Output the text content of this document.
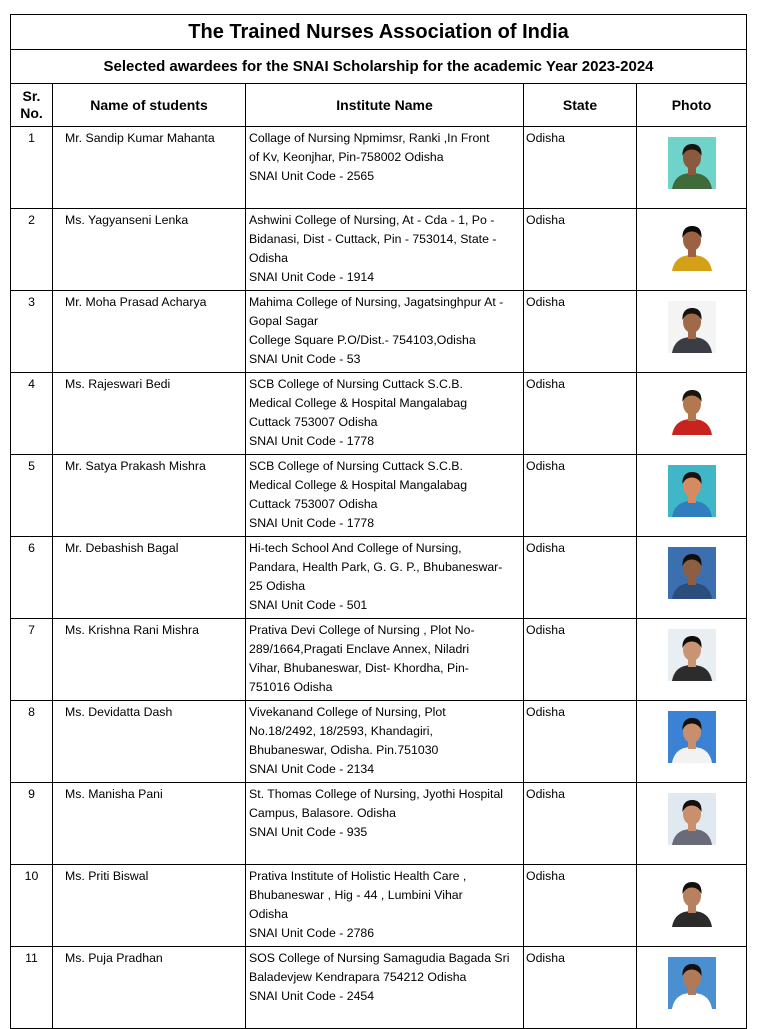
The Trained Nurses Association of India				
Selected awardees for the SNAI Scholarship for the academic Year 2023-2024				
Sr.
No.	Name of students	Institute Name	State	Photo
1	Mr. Sandip Kumar Mahanta	Collage of Nursing Npmimsr, Ranki ,In Front
of Kv, Keonjhar, Pin-758002 Odisha
SNAI Unit Code - 2565	Odisha	

2	Ms. Yagyanseni Lenka	Ashwini College of Nursing, At - Cda - 1, Po -
Bidanasi, Dist - Cuttack, Pin - 753014, State -
Odisha
SNAI Unit Code - 1914	Odisha	

3	Mr. Moha Prasad Acharya	Mahima College of Nursing, Jagatsinghpur At -
Gopal Sagar
College Square P.O/Dist.- 754103,Odisha
SNAI Unit Code - 53	Odisha	

4	Ms. Rajeswari Bedi	SCB College of Nursing Cuttack S.C.B.
Medical College & Hospital Mangalabag
Cuttack 753007 Odisha
SNAI Unit Code - 1778	Odisha	

5	Mr. Satya Prakash Mishra	SCB College of Nursing Cuttack S.C.B.
Medical College & Hospital Mangalabag
Cuttack 753007 Odisha
SNAI Unit Code - 1778	Odisha	

6	Mr. Debashish Bagal	Hi-tech School And College of Nursing,
Pandara, Health Park, G. G. P., Bhubaneswar-
25 Odisha
SNAI Unit Code - 501	Odisha	

7	Ms. Krishna Rani Mishra	Prativa Devi College of Nursing , Plot No-
289/1664,Pragati Enclave Annex, Niladri
Vihar, Bhubaneswar, Dist- Khordha, Pin-
751016 Odisha	Odisha	

8	Ms. Devidatta Dash	Vivekanand College of Nursing, Plot
No.18/2492, 18/2593, Khandagiri,
Bhubaneswar, Odisha. Pin.751030
SNAI Unit Code - 2134	Odisha	

9	Ms. Manisha Pani	St. Thomas College of Nursing, Jyothi Hospital
Campus, Balasore. Odisha
SNAI Unit Code - 935	Odisha	

10	Ms. Priti Biswal	Prativa Institute of Holistic Health Care ,
Bhubaneswar , Hig - 44 , Lumbini Vihar
Odisha
SNAI Unit Code - 2786	Odisha	

11	Ms. Puja Pradhan	SOS College of Nursing Samagudia Bagada Sri
Baladevjew Kendrapara 754212 Odisha
SNAI Unit Code - 2454	Odisha	
